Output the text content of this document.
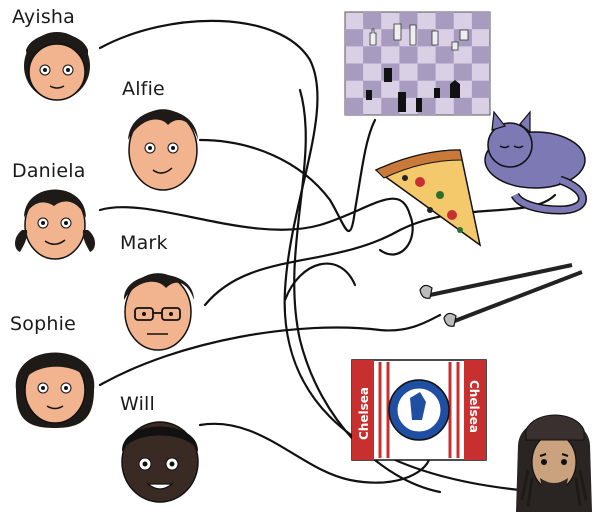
Chelsea	Chelsea
Ayisha
Alfie
Daniela
Mark
Sophie
Will
